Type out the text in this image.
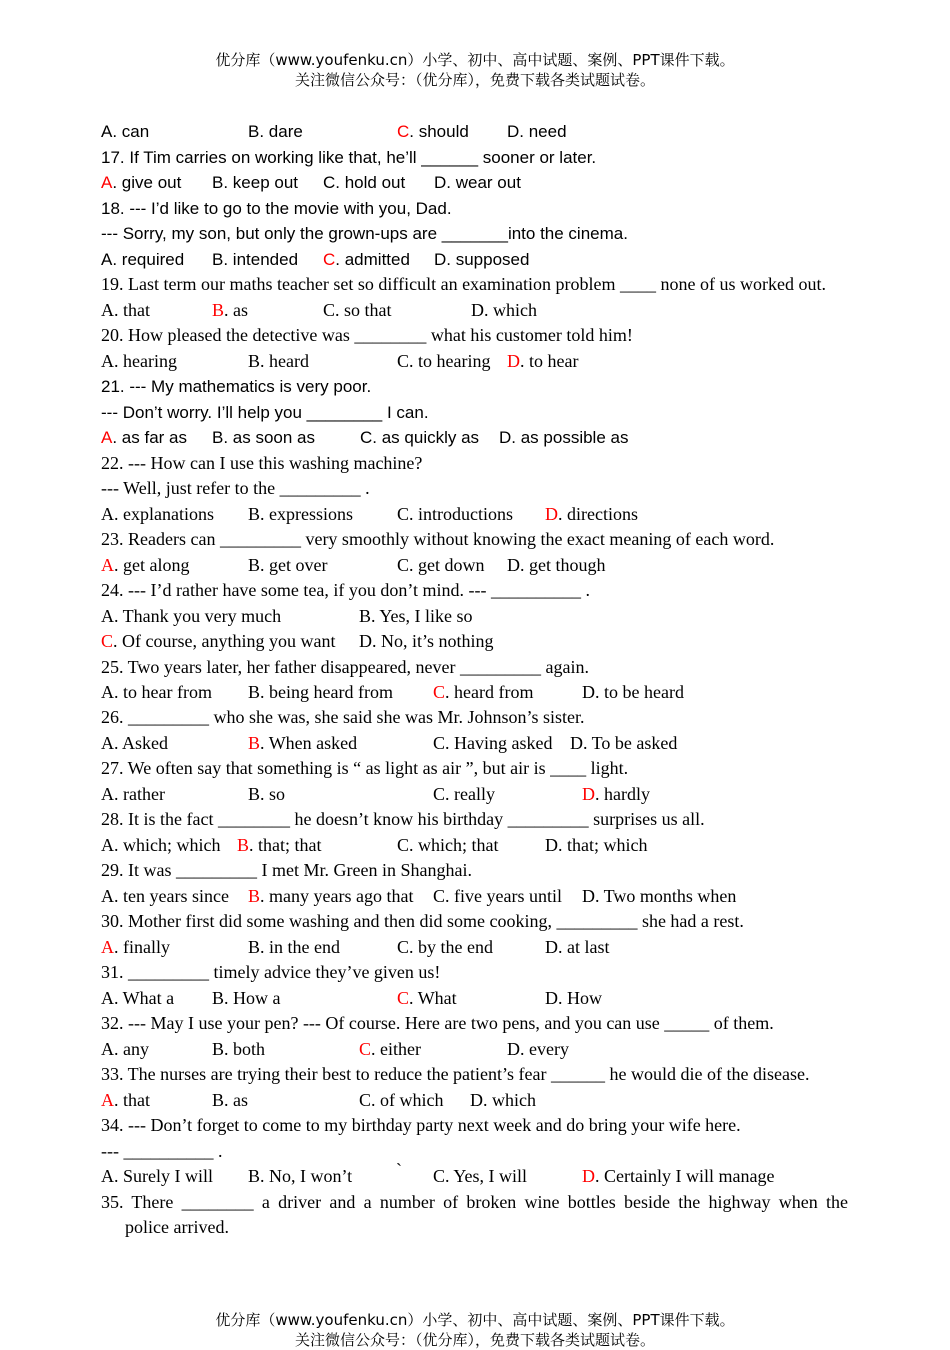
优分库（www.youfenku.cn）小学、初中、高中试题、案例、PPT课件下载。
关注微信公众号：（优分库），免费下载各类试题试卷。
A. can	B. dare	C. should D. need
17. If Tim carries on working like that, he’ll ______ sooner or later.
A. give out B. keep out C. hold out D. wear out
18. --- I’d like to go to the movie with you, Dad.
--- Sorry, my son, but only the grown-ups are _______into the cinema.
A. required B. intended C. admitted D. supposed
19. Last term our maths teacher set so difficult an examination problem ____ none of us worked out.
A. that	B. as	C. so that	D. which
20. How pleased the detective was ________ what his customer told him!
A. hearing	B. heard	C. to hearing D. to hear
21. --- My mathematics is very poor.
--- Don’t worry. I’ll help you ________ I can.
A. as far as B. as soon as	C. as quickly as D. as possible as
22. --- How can I use this washing machine?
--- Well, just refer to the _________ .
A. explanations B. expressions C. introductions D. directions
23. Readers can _________ very smoothly without knowing the exact meaning of each word.
A. get along	B. get over	C. get down D. get though
24. --- I’d rather have some tea, if you don’t mind. --- __________ .
A. Thank you very much	B. Yes, I like so
C. Of course, anything you want D. No, it’s nothing
25. Two years later, her father disappeared, never _________ again.
A. to hear from B. being heard from C. heard from	D. to be heard
26. _________ who she was, she said she was Mr. Johnson’s sister.
A. Asked	B. When asked	C. Having asked D. To be asked
27. We often say that something is “ as light as air ”, but air is ____ light.
A. rather	B. so	C. really	D. hardly
28. It is the fact ________ he doesn’t know his birthday _________ surprises us all.
A. which; which B. that; that	C. which; that	D. that; which
29. It was _________ I met Mr. Green in Shanghai.
A. ten years since B. many years ago that C. five years until D. Two months when
30. Mother first did some washing and then did some cooking, _________ she had a rest.
A. finally	B. in the end	C. by the end	D. at last
31. _________ timely advice they’ve given us!
A. What a B. How a	C. What	D. How
32. --- May I use your pen? --- Of course. Here are two pens, and you can use _____ of them.
A. any	B. both	C. either	D. every
33. The nurses are trying their best to reduce the patient’s fear ______ he would die of the disease.
A. that	B. as	C. of which D. which
34. --- Don’t forget to come to my birthday party next week and do bring your wife here.
--- __________ .
A. Surely I will B. No, I won’t ` C. Yes, I will	D. Certainly I will manage
35. There ________ a driver and a number of broken wine bottles beside the highway when the
police arrived.
优分库（www.youfenku.cn）小学、初中、高中试题、案例、PPT课件下载。
关注微信公众号：（优分库），免费下载各类试题试卷。
